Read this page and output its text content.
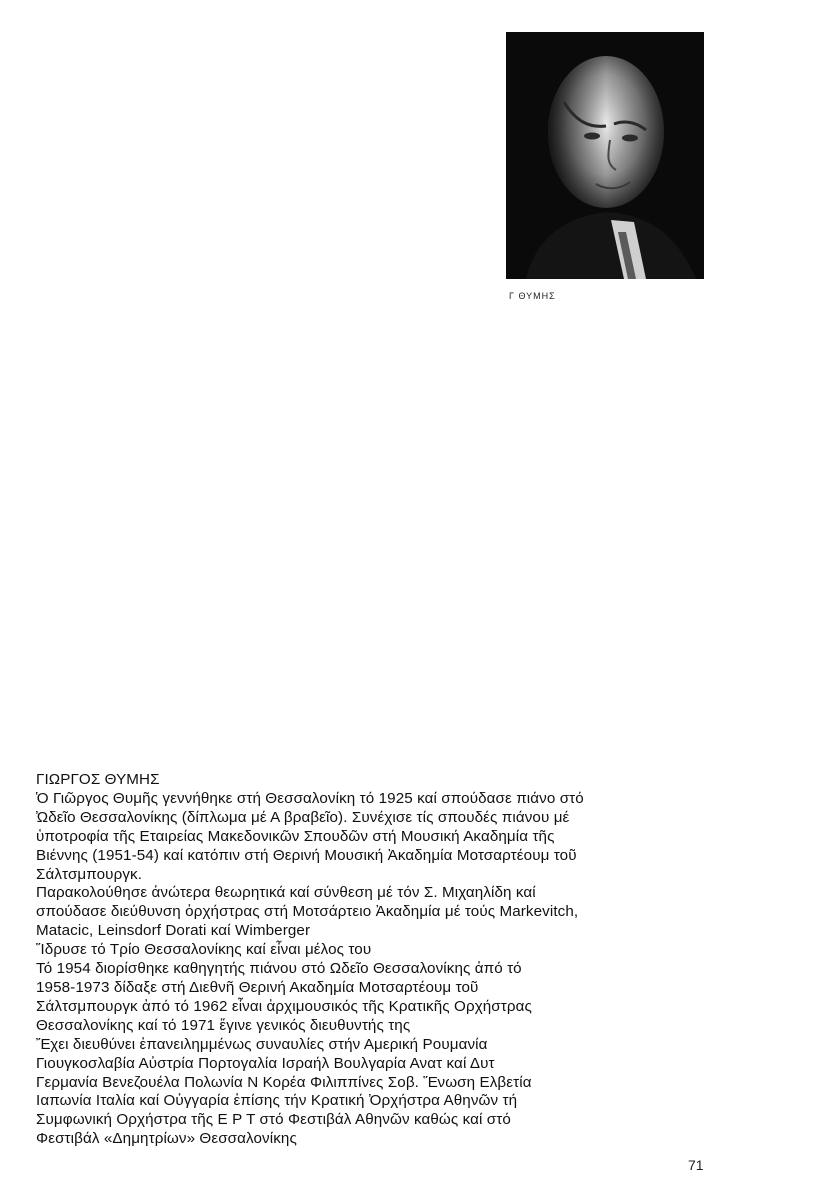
Γ ΘΥΜΗΣ
ΓΙΩΡΓΟΣ ΘΥΜΗΣ
Ὁ Γιῶργος Θυμῆς γεννήθηκε στή Θεσσαλονίκη τό 1925 καί σπούδασε πιάνο στό
Ὠδεῖο Θεσσαλονίκης (δίπλωμα μέ Α βραβεῖο). Συνέχισε τίς σπουδές πιάνου μέ
ὑποτροφία τῆς Εταιρείας Μακεδονικῶν Σπουδῶν στή Μουσική Ακαδημία τῆς
Βιέννης (1951-54) καί κατόπιν στή Θερινή Μουσική Ἀκαδημία Μοτσαρτέουμ τοῦ
Σάλτσμπουργκ.
Παρακολούθησε ἀνώτερα θεωρητικά καί σύνθεση μέ τόν Σ. Μιχαηλίδη καί
σπούδασε διεύθυνση ὀρχήστρας στή Μοτσάρτειο Ἀκαδημία μέ τούς Markevitch,
Matacic, Leinsdorf Dorati καί Wimberger
Ἵδρυσε τό Τρίο Θεσσαλονίκης καί εἶναι μέλος του
Τό 1954 διορίσθηκε καθηγητής πιάνου στό Ωδεῖο Θεσσαλονίκης ἀπό τό
1958-1973 δίδαξε στή Διεθνῆ Θερινή Ακαδημία Μοτσαρτέουμ τοῦ
Σάλτσμπουργκ ἀπό τό 1962 εἶναι ἀρχιμουσικός τῆς Κρατικῆς Ορχήστρας
Θεσσαλονίκης καί τό 1971 ἔγινε γενικός διευθυντής της
Ἔχει διευθύνει ἐπανειλημμένως συναυλίες στήν Αμερική Ρουμανία
Γιουγκοσλαβία Αὐστρία Πορτογαλία Ισραήλ Βουλγαρία Ανατ καί Δυτ
Γερμανία Βενεζουέλα Πολωνία Ν Κορέα Φιλιππίνες Σοβ. Ἕνωση Ελβετία
Ιαπωνία Ιταλία καί Οὐγγαρία ἐπίσης τήν Κρατική Ὀρχήστρα Αθηνῶν τή
Συμφωνική Ορχήστρα τῆς Ε Ρ Τ στό Φεστιβάλ Αθηνῶν καθώς καί στό
Φεστιβάλ «Δημητρίων» Θεσσαλονίκης
71
